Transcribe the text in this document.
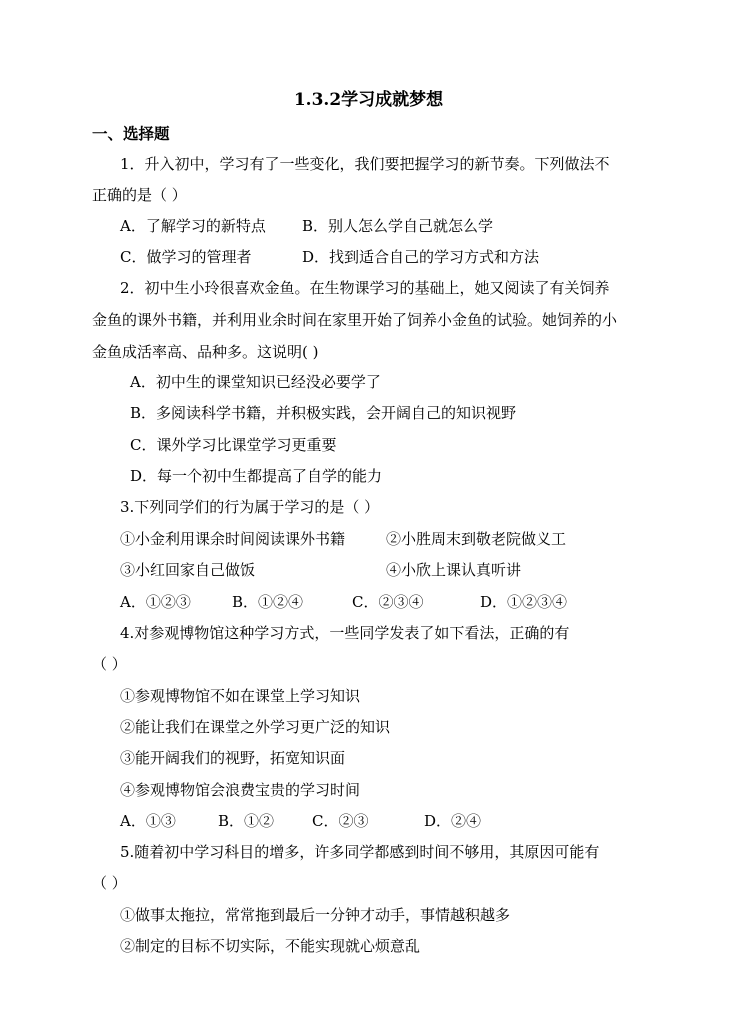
1.3.2学习成就梦想
一、选择题
1．升入初中，学习有了一些变化，我们要把握学习的新节奏。下列做法不
正确的是（ ）
A．了解学习的新特点 B．别人怎么学自己就怎么学
C．做学习的管理者	D．找到适合自己的学习方式和方法
2．初中生小玲很喜欢金鱼。在生物课学习的基础上，她又阅读了有关饲养
金鱼的课外书籍，并利用业余时间在家里开始了饲养小金鱼的试验。她饲养的小
金鱼成活率高、品种多。这说明( )
A．初中生的课堂知识已经没必要学了
B．多阅读科学书籍，并积极实践，会开阔自己的知识视野
C．课外学习比课堂学习更重要
D．每一个初中生都提高了自学的能力
3.下列同学们的行为属于学习的是（ ）
①小金利用课余时间阅读课外书籍	②小胜周末到敬老院做义工
③小红回家自己做饭	④小欣上课认真听讲
A．①②③	B．①②④	C．②③④	D．①②③④
4.对参观博物馆这种学习方式，一些同学发表了如下看法，正确的有
（ ）
①参观博物馆不如在课堂上学习知识
②能让我们在课堂之外学习更广泛的知识
③能开阔我们的视野，拓宽知识面
④参观博物馆会浪费宝贵的学习时间
A．①③	B．①②	C．②③	D．②④
5.随着初中学习科目的增多，许多同学都感到时间不够用，其原因可能有
（ ）
①做事太拖拉，常常拖到最后一分钟才动手，事情越积越多
②制定的目标不切实际，不能实现就心烦意乱
